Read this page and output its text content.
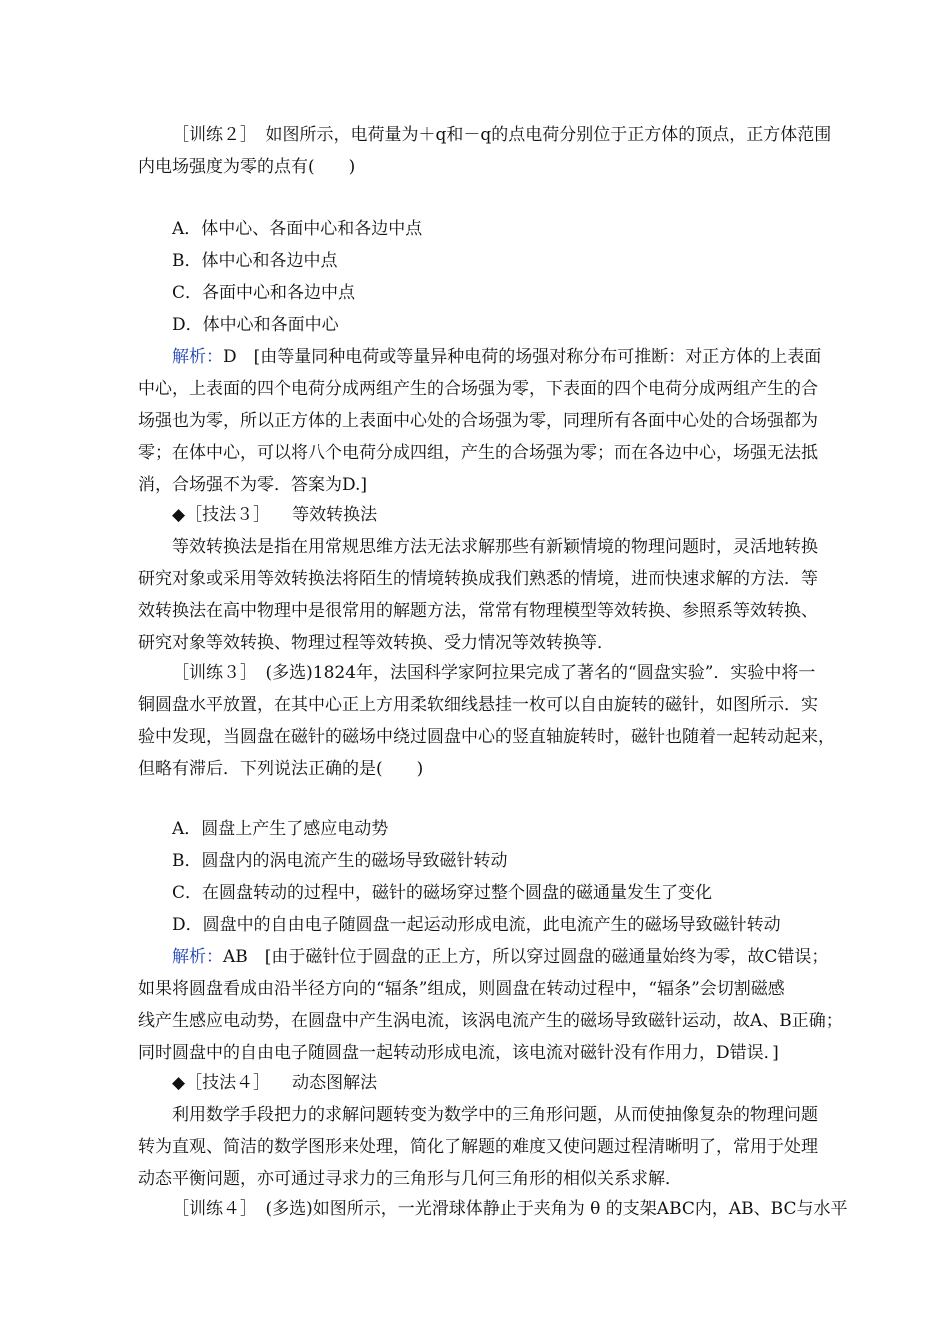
［训练２］　如图所示，电荷量为＋q和－q的点电荷分别位于正方体的顶点，正方体范围
内电场强度为零的点有(　　)
A．体中心、各面中心和各边中点
B．体中心和各边中点
C．各面中心和各边中点
D．体中心和各面中心
解析：D　[由等量同种电荷或等量异种电荷的场强对称分布可推断：对正方体的上表面
中心，上表面的四个电荷分成两组产生的合场强为零，下表面的四个电荷分成两组产生的合
场强也为零，所以正方体的上表面中心处的合场强为零，同理所有各面中心处的合场强都为
零；在体中心，可以将八个电荷分成四组，产生的合场强为零；而在各边中心，场强无法抵
消，合场强不为零．答案为D.]
◆［技法３］ 等效转换法
等效转换法是指在用常规思维方法无法求解那些有新颖情境的物理问题时，灵活地转换
研究对象或采用等效转换法将陌生的情境转换成我们熟悉的情境，进而快速求解的方法．等
效转换法在高中物理中是很常用的解题方法，常常有物理模型等效转换、参照系等效转换、
研究对象等效转换、物理过程等效转换、受力情况等效转换等．
［训练３］　(多选)1824年，法国科学家阿拉果完成了著名的“圆盘实验”．实验中将一
铜圆盘水平放置，在其中心正上方用柔软细线悬挂一枚可以自由旋转的磁针，如图所示．实
验中发现，当圆盘在磁针的磁场中绕过圆盘中心的竖直轴旋转时，磁针也随着一起转动起来，
但略有滞后．下列说法正确的是(　　)
A．圆盘上产生了感应电动势
B．圆盘内的涡电流产生的磁场导致磁针转动
C．在圆盘转动的过程中，磁针的磁场穿过整个圆盘的磁通量发生了变化
D．圆盘中的自由电子随圆盘一起运动形成电流，此电流产生的磁场导致磁针转动
解析：AB　[由于磁针位于圆盘的正上方，所以穿过圆盘的磁通量始终为零，故C错误；
如果将圆盘看成由沿半径方向的“辐条”组成，则圆盘在转动过程中，“辐条”会切割磁感
线产生感应电动势，在圆盘中产生涡电流，该涡电流产生的磁场导致磁针运动，故A、B正确；
同时圆盘中的自由电子随圆盘一起转动形成电流，该电流对磁针没有作用力，D错误．]
◆［技法４］ 动态图解法
利用数学手段把力的求解问题转变为数学中的三角形问题，从而使抽像复杂的物理问题
转为直观、简洁的数学图形来处理，简化了解题的难度又使问题过程清晰明了，常用于处理
动态平衡问题，亦可通过寻求力的三角形与几何三角形的相似关系求解．
［训练４］　(多选)如图所示，一光滑球体静止于夹角为 θ 的支架ABC内，AB、BC与水平
